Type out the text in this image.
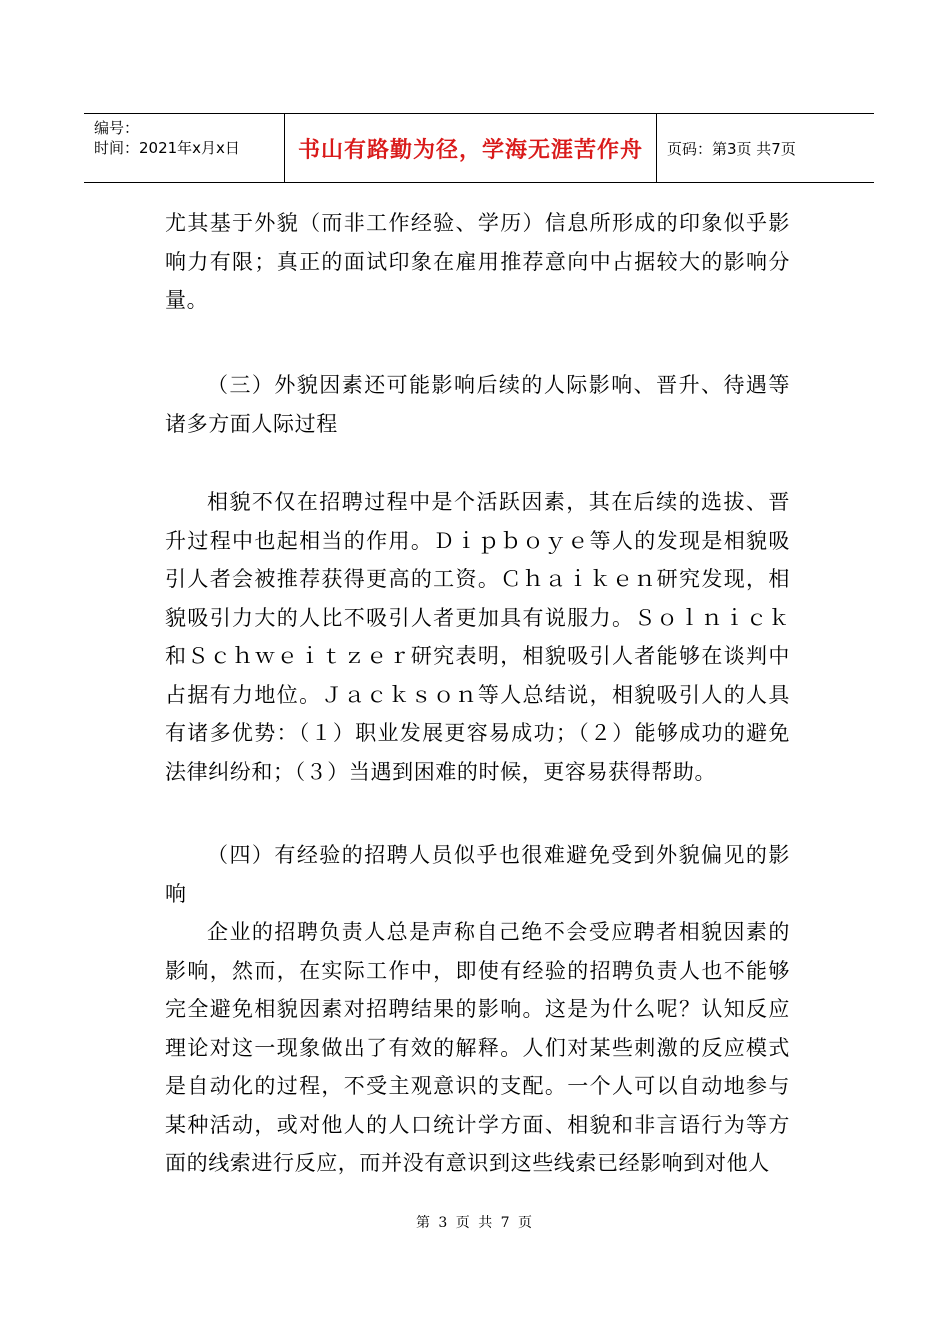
编号：
时间：2021年x月x日	书山有路勤为径，学海无涯苦作舟 页码：第3页 共7页

尤其基于外貌（而非工作经验、学历）信息所形成的印象似乎影响力有限；真正的面试印象在雇用推荐意向中占据较大的影响分量。

（三）外貌因素还可能影响后续的人际影响、晋升、待遇等诸多方面人际过程

相貌不仅在招聘过程中是个活跃因素，其在后续的选拔、晋升过程中也起相当的作用。Ｄｉｐｂｏｙｅ等人的发现是相貌吸引人者会被推荐获得更高的工资。Ｃｈａｉｋｅｎ研究发现，相貌吸引力大的人比不吸引人者更加具有说服力。Ｓｏｌｎｉｃｋ和Ｓｃｈｗｅｉｔｚｅｒ研究表明，相貌吸引人者能够在谈判中占据有力地位。Ｊａｃｋｓｏｎ等人总结说，相貌吸引人的人具有诸多优势：（１）职业发展更容易成功；（２）能够成功的避免法律纠纷和；（３）当遇到困难的时候，更容易获得帮助。

（四）有经验的招聘人员似乎也很难避免受到外貌偏见的影响

企业的招聘负责人总是声称自己绝不会受应聘者相貌因素的影响，然而，在实际工作中，即使有经验的招聘负责人也不能够完全避免相貌因素对招聘结果的影响。这是为什么呢？认知反应理论对这一现象做出了有效的解释。人们对某些刺激的反应模式是自动化的过程，不受主观意识的支配。一个人可以自动地参与某种活动，或对他人的人口统计学方面、相貌和非言语行为等方面的线索进行反应，而并没有意识到这些线索已经影响到对他人

第 3 页 共 7 页
